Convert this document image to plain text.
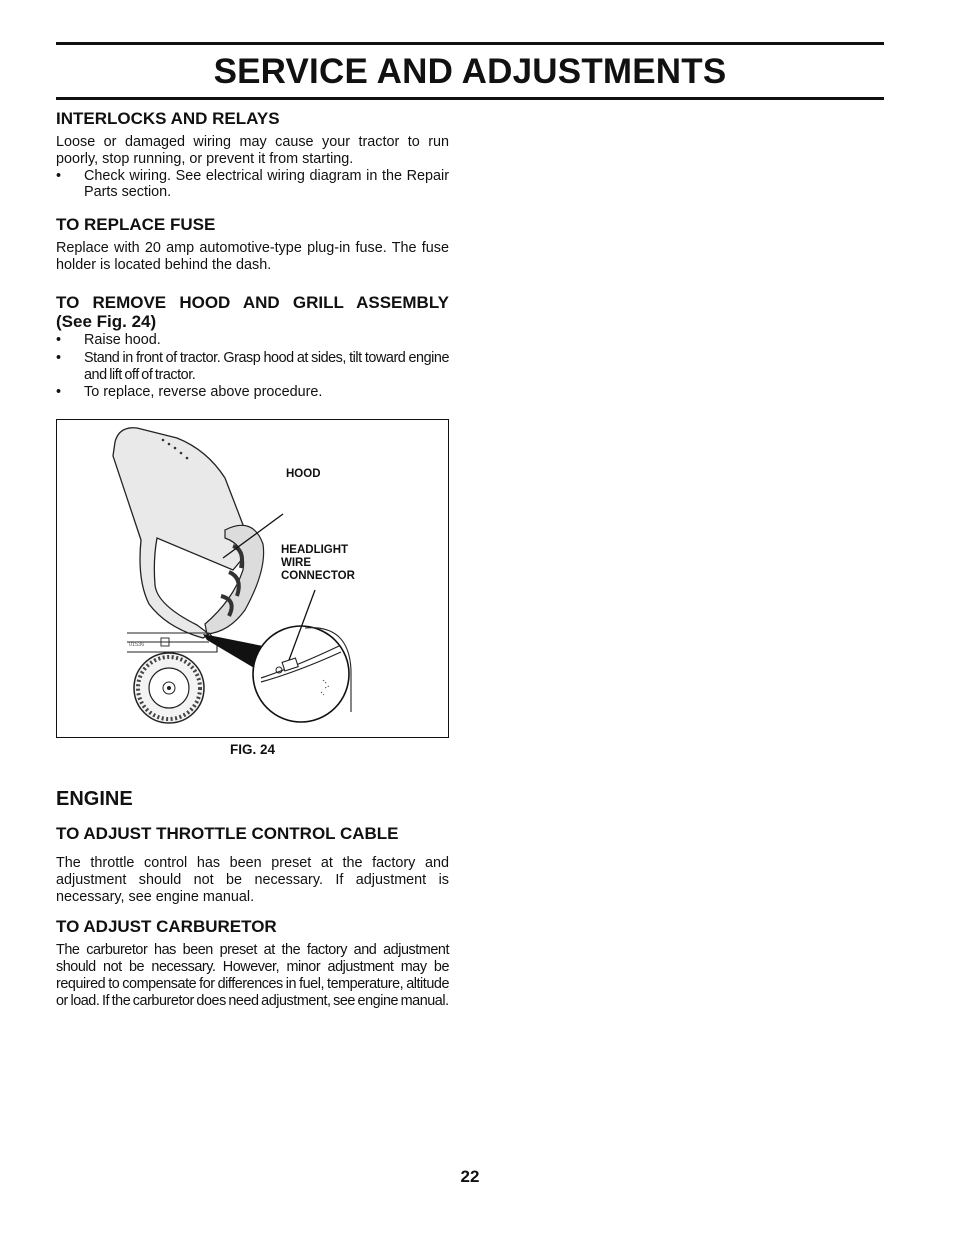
SERVICE AND ADJUSTMENTS
INTERLOCKS AND RELAYS

Loose or damaged wiring may cause your tractor to run poorly, stop running, or prevent it from starting.

• Check wiring. See electrical wiring diagram in the Repair Parts section.
TO REPLACE FUSE

Replace with 20 amp automotive-type plug-in fuse. The fuse holder is located behind the dash.

TO REMOVE HOOD AND GRILL ASSEMBLY
(See Fig. 24)
• Raise hood.
• Stand in front of tractor. Grasp hood at sides, tilt toward engine and lift off of tractor.
• To replace, reverse above procedure.
01536
HOOD
HEADLIGHT
WIRE
CONNECTOR
FIG. 24
ENGINE
TO ADJUST THROTTLE CONTROL CABLE

The throttle control has been preset at the factory and adjustment should not be necessary. If adjustment is necessary, see engine manual.

TO ADJUST CARBURETOR

The carburetor has been preset at the factory and adjustment should not be necessary. However, minor adjustment may be required to compensate for differences in fuel, temperature, altitude or load. If the carburetor does need adjustment, see engine manual.

22
